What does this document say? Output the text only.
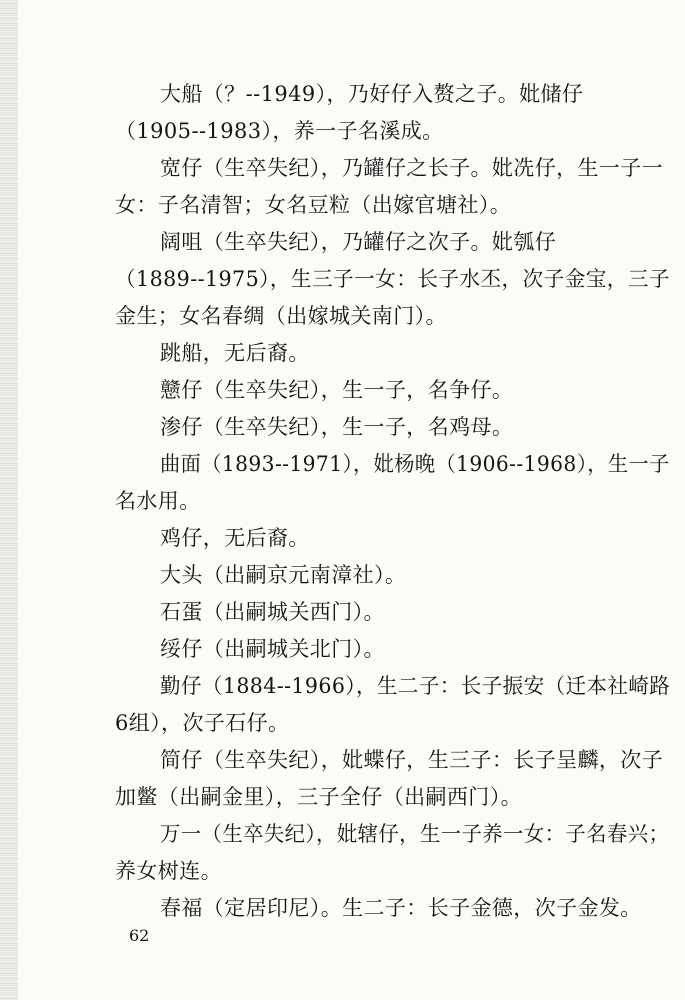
大船（？--1949），乃好仔入赘之子。妣储仔

（1905--1983），养一子名溪成。

宽仔（生卒失纪），乃罐仔之长子。妣冼仔，生一子一

女：子名清智；女名豆粒（出嫁官塘社）。

阔咀（生卒失纪），乃罐仔之次子。妣瓠仔

（1889--1975），生三子一女：长子水丕，次子金宝，三子

金生；女名春绸（出嫁城关南门）。

跳船，无后裔。

戆仔（生卒失纪），生一子，名争仔。

渗仔（生卒失纪），生一子，名鸡母。

曲面（1893--1971），妣杨晚（1906--1968），生一子

名水用。

鸡仔，无后裔。

大头（出嗣京元南漳社）。

石蛋（出嗣城关西门）。

绥仔（出嗣城关北门）。

勤仔（1884--1966），生二子：长子振安（迁本社崎路

6组），次子石仔。

简仔（生卒失纪），妣蝶仔，生三子：长子呈麟，次子

加鳖（出嗣金里），三子全仔（出嗣西门）。

万一（生卒失纪），妣辖仔，生一子养一女：子名春兴；

养女树连。

春福（定居印尼）。生二子：长子金德，次子金发。

62
